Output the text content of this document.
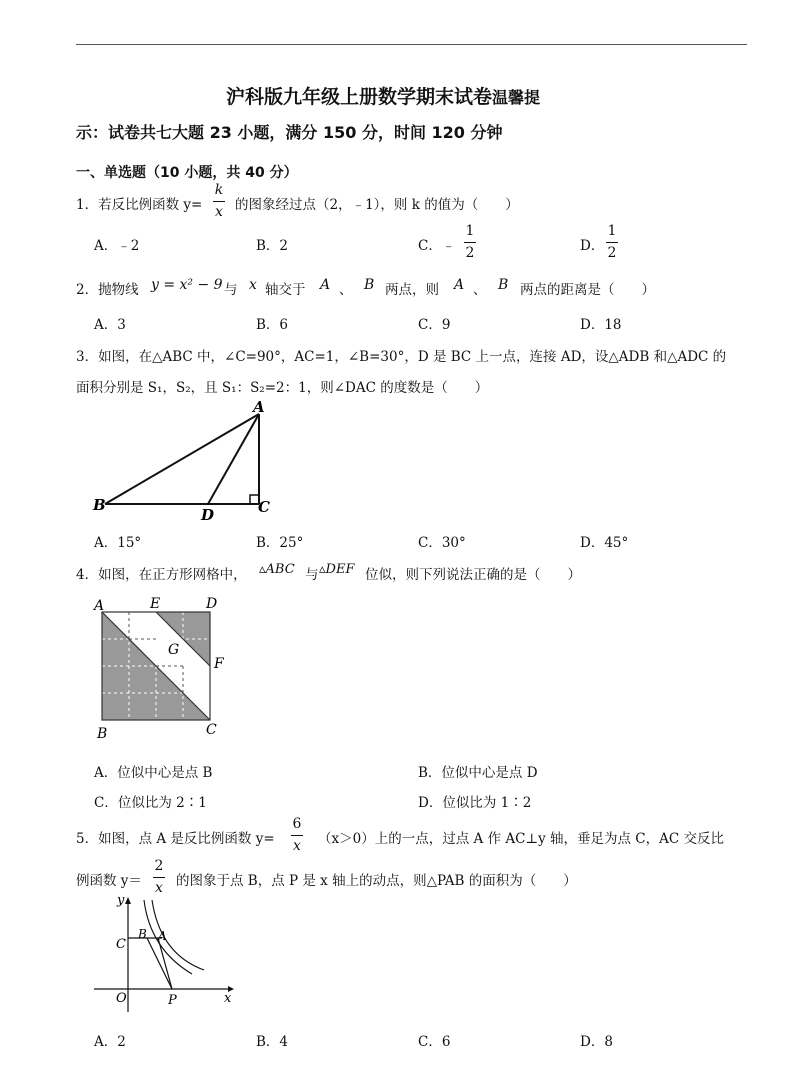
沪科版九年级上册数学期末试卷温馨提
示：试卷共七大题 23 小题，满分 150 分，时间 120 分钟
一、单选题（10 小题，共 40 分）
1．若反比例函数 y=
k
x 的图象经过点（2，﹣1），则 k 的值为（　　）
A．﹣2	B．2	C．﹣
1
2	D．
1
2
2．抛物线 y = x² − 9 与 x 轴交于 A 、 B 两点，则 A 、 B 两点的距离是（　　）
A．3	B．6	C．9	D．18
3．如图，在△ABC 中，∠C=90°，AC=1，∠B=30°，D 是 BC 上一点，连接 AD，设△ADB 和△ADC 的
面积分别是 S₁，S₂，且 S₁：S₂=2：1，则∠DAC 的度数是（　　）
A
B	C
D
A．15°	B．25°	C．30°	D．45°
4．如图，在正方形网格中， ▵ABC 与 ▵DEF 位似，则下列说法正确的是（　　）
A	E	D
G
F
B	C
A．位似中心是点 B	B．位似中心是点 D
C．位似比为 2∶1	D．位似比为 1∶2
5．如图，点 A 是反比例函数 y=
6
x （x＞0）上的一点，过点 A 作 AC⊥y 轴，垂足为点 C，AC 交反比
例函数 y＝
2
x 的图象于点 B，点 P 是 x 轴上的动点，则△PAB 的面积为（　　）
y
x
O
C
B A
P
A．2	B．4	C．6	D．8
